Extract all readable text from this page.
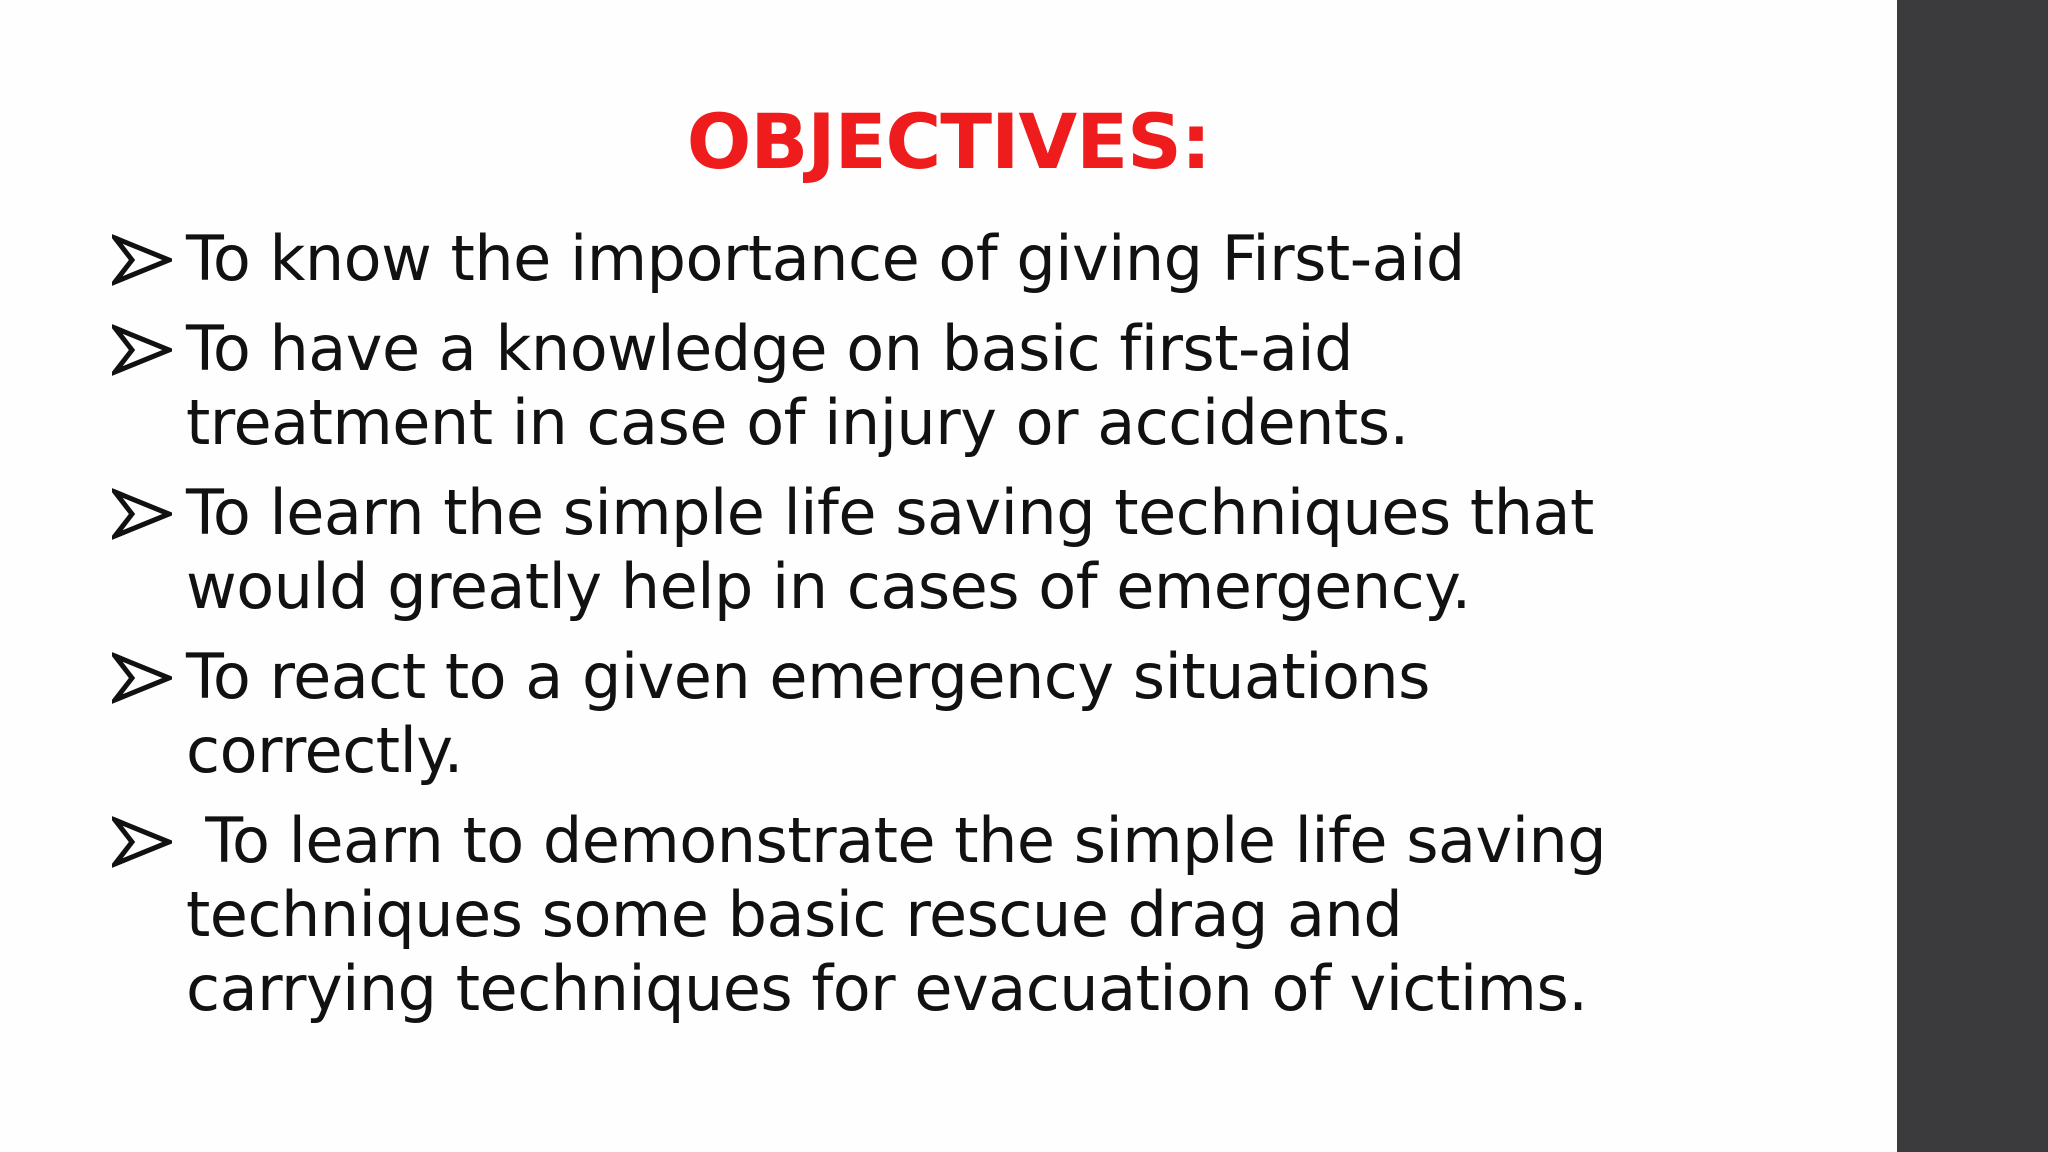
OBJECTIVES:
To know the importance of giving First-aid
To have a knowledge on basic first-aid
treatment in case of injury or accidents.
To learn the simple life saving techniques that
would greatly help in cases of emergency.
To react to a given emergency situations
correctly.
To learn to demonstrate the simple life saving
techniques some basic rescue drag and
carrying techniques for evacuation of victims.
